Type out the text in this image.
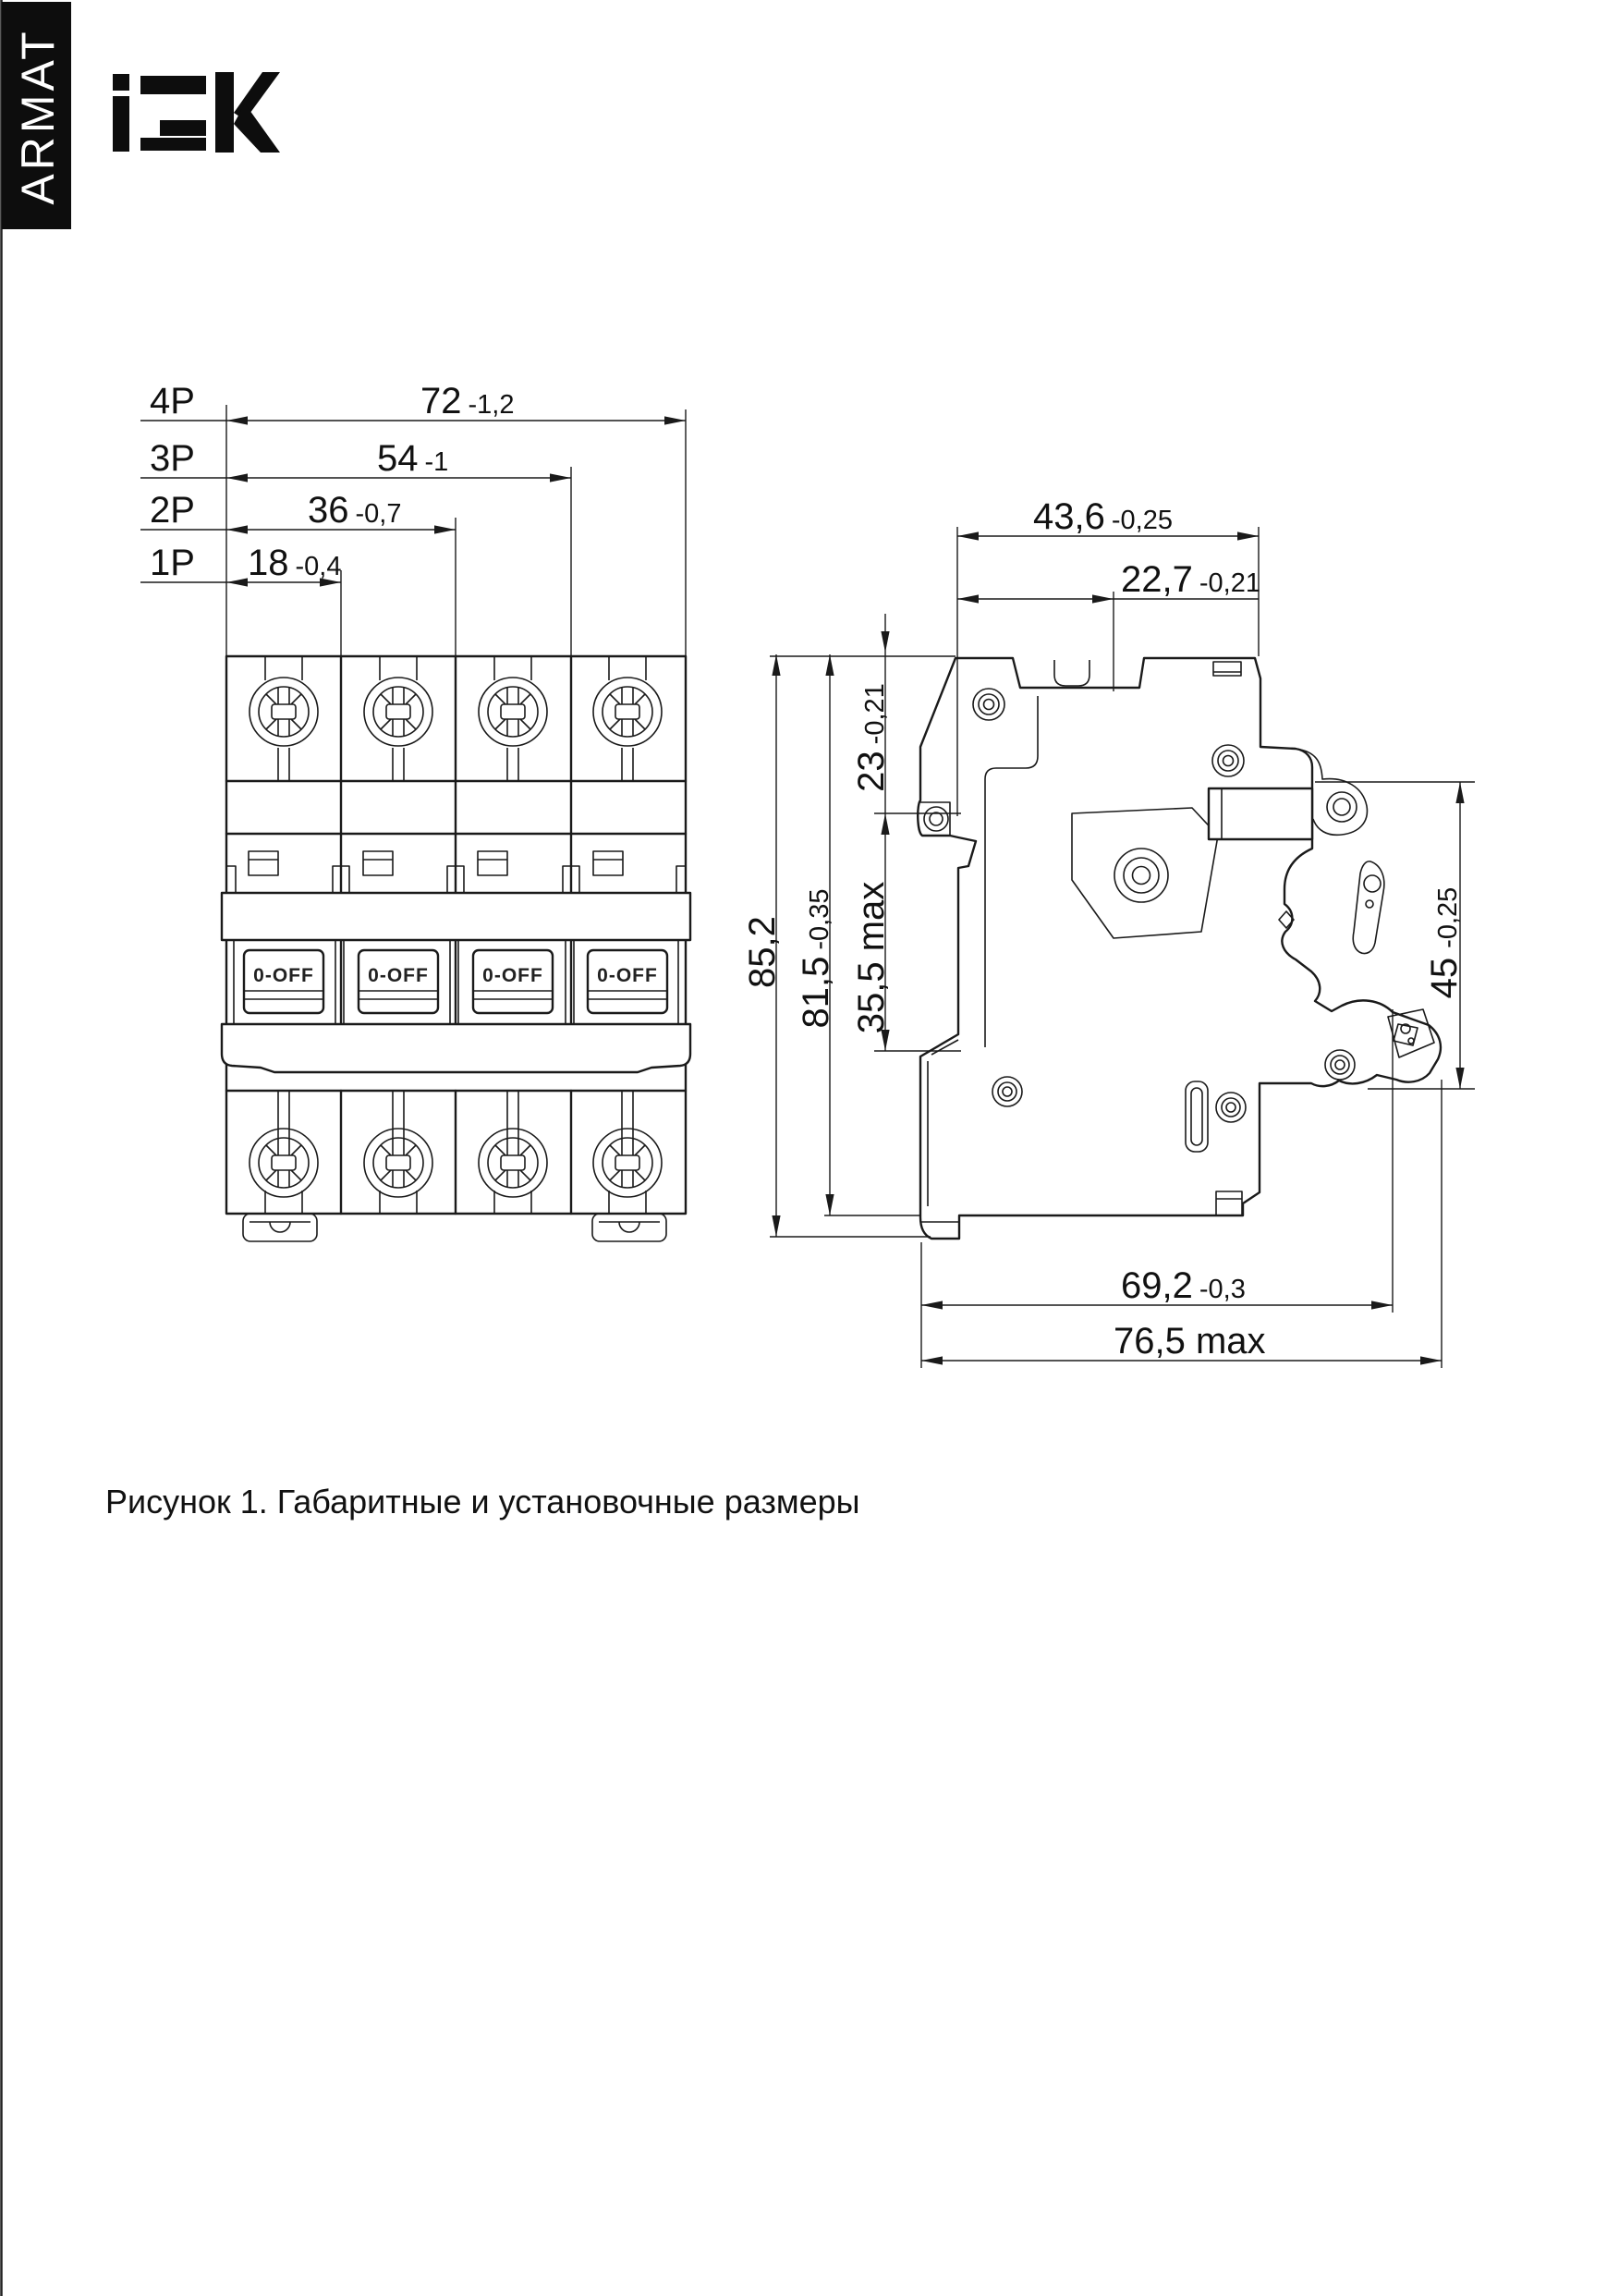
ARMAT
4P
3P
2P
1P
72 -1,2
54 -1
36 -0,7
18 -0,4
0-OFF	0-OFF	0-OFF	0-OFF
43,6 -0,25
22,7 -0,21
85,2
81,5-0,35
23-0,21
35,5 max	45-0,25
69,2 -0,3
76,5 max
Рисунок 1. Габаритные и установочные размеры
